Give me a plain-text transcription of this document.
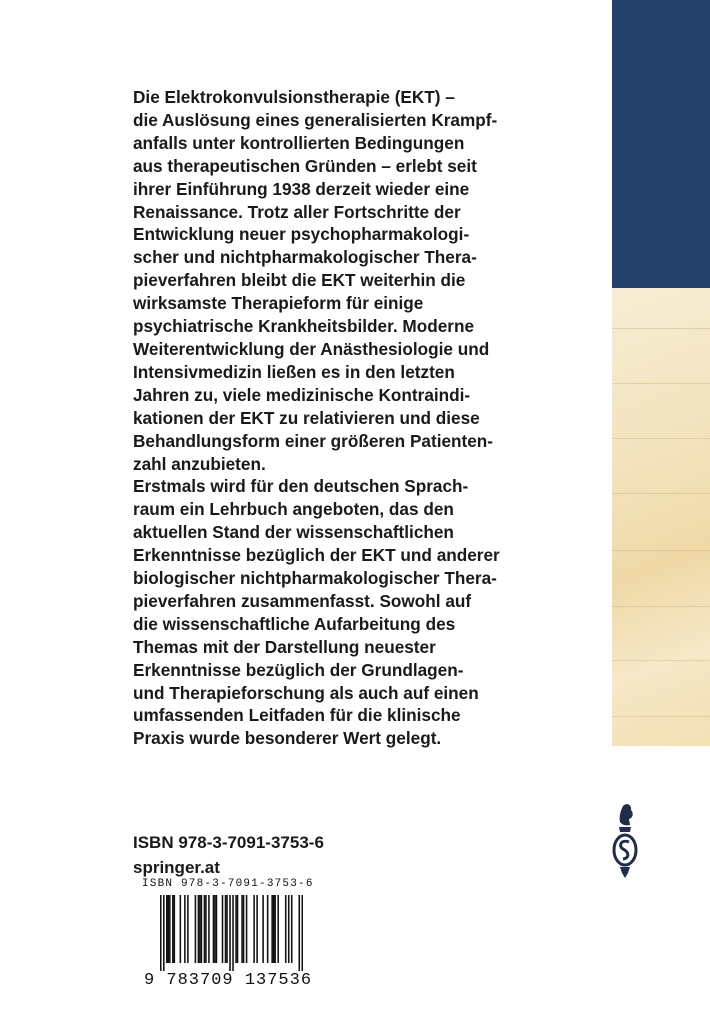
Die Elektrokonvulsionstherapie (EKT) –
die Auslösung eines generalisierten Krampf-
anfalls unter kontrollierten Bedingungen
aus therapeutischen Gründen – erlebt seit
ihrer Einführung 1938 derzeit wieder eine
Renaissance. Trotz aller Fortschritte der
Entwicklung neuer psychopharmakologi-
scher und nichtpharmakologischer Thera-
pieverfahren bleibt die EKT weiterhin die
wirksamste Therapieform für einige
psychiatrische Krankheitsbilder. Moderne
Weiterentwicklung der Anästhesiologie und
Intensivmedizin ließen es in den letzten
Jahren zu, viele medizinische Kontraindi-
kationen der EKT zu relativieren und diese
Behandlungsform einer größeren Patienten-
zahl anzubieten.

Erstmals wird für den deutschen Sprach-
raum ein Lehrbuch angeboten, das den
aktuellen Stand der wissenschaftlichen
Erkenntnisse bezüglich der EKT und anderer
biologischer nichtpharmakologischer Thera-
pieverfahren zusammenfasst. Sowohl auf
die wissenschaftliche Aufarbeitung des
Themas mit der Darstellung neuester
Erkenntnisse bezüglich der Grundlagen-
und Therapieforschung als auch auf einen
umfassenden Leitfaden für die klinische
Praxis wurde besonderer Wert gelegt.

ISBN 978-3-7091-3753-6
springer.at
ISBN 978-3-7091-3753-6
9 783709 137536
